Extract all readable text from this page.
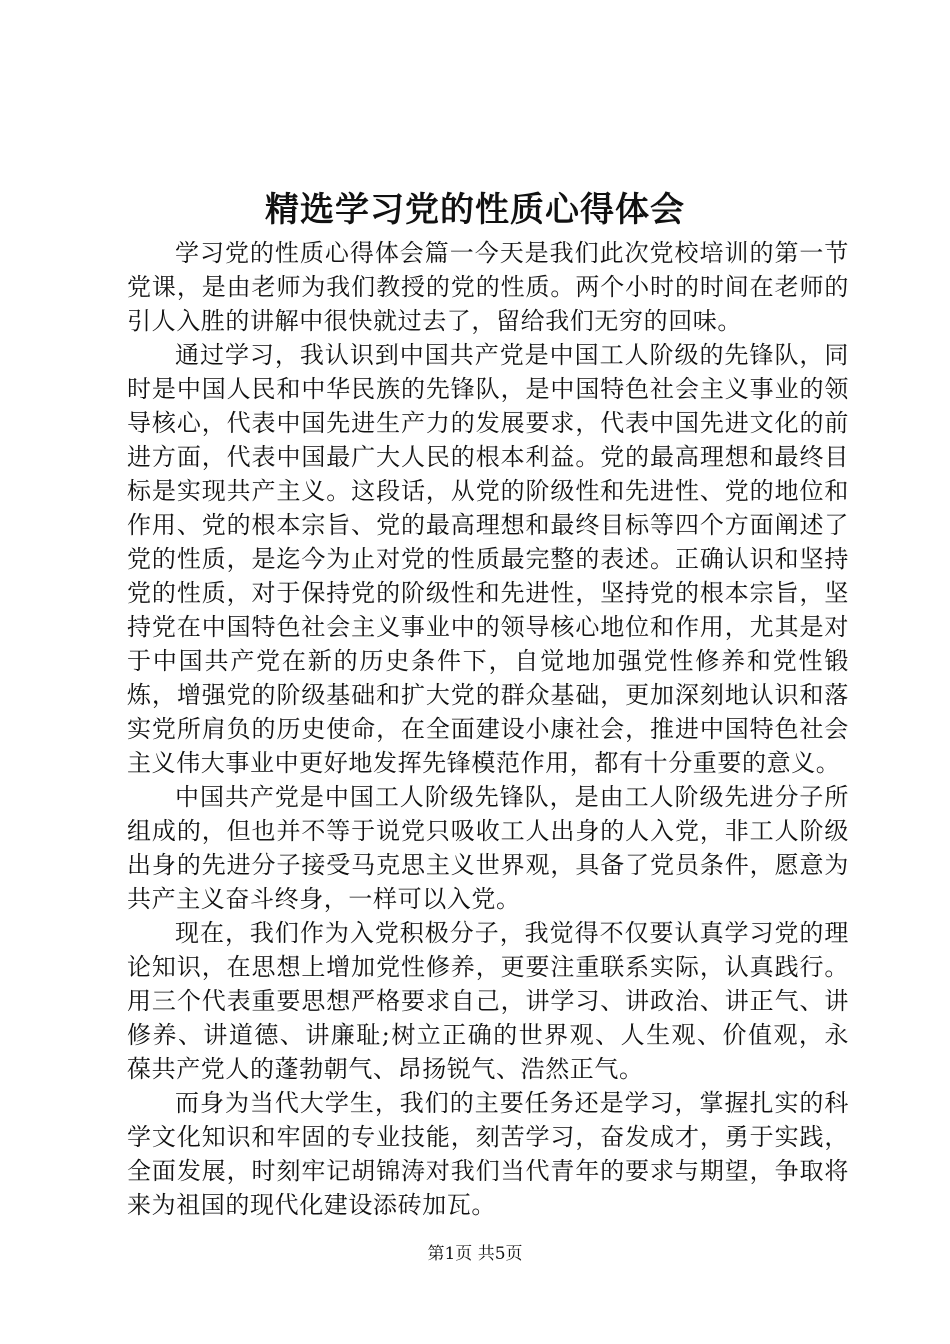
精选学习党的性质心得体会

学习党的性质心得体会篇一今天是我们此次党校培训的第一节党课，是由老师为我们教授的党的性质。两个小时的时间在老师的引人入胜的讲解中很快就过去了，留给我们无穷的回味。

通过学习，我认识到中国共产党是中国工人阶级的先锋队，同时是中国人民和中华民族的先锋队，是中国特色社会主义事业的领导核心，代表中国先进生产力的发展要求，代表中国先进文化的前进方面，代表中国最广大人民的根本利益。党的最高理想和最终目标是实现共产主义。这段话，从党的阶级性和先进性、党的地位和作用、党的根本宗旨、党的最高理想和最终目标等四个方面阐述了党的性质，是迄今为止对党的性质最完整的表述。正确认识和坚持党的性质，对于保持党的阶级性和先进性，坚持党的根本宗旨，坚持党在中国特色社会主义事业中的领导核心地位和作用，尤其是对于中国共产党在新的历史条件下，自觉地加强党性修养和党性锻炼，增强党的阶级基础和扩大党的群众基础，更加深刻地认识和落实党所肩负的历史使命，在全面建设小康社会，推进中国特色社会主义伟大事业中更好地发挥先锋模范作用，都有十分重要的意义。

中国共产党是中国工人阶级先锋队，是由工人阶级先进分子所组成的，但也并不等于说党只吸收工人出身的人入党，非工人阶级出身的先进分子接受马克思主义世界观，具备了党员条件，愿意为共产主义奋斗终身，一样可以入党。

现在，我们作为入党积极分子，我觉得不仅要认真学习党的理论知识，在思想上增加党性修养，更要注重联系实际，认真践行。用三个代表重要思想严格要求自己，讲学习、讲政治、讲正气、讲修养、讲道德、讲廉耻;树立正确的世界观、人生观、价值观，永葆共产党人的蓬勃朝气、昂扬锐气、浩然正气。

而身为当代大学生，我们的主要任务还是学习，掌握扎实的科学文化知识和牢固的专业技能，刻苦学习，奋发成才，勇于实践，全面发展，时刻牢记胡锦涛对我们当代青年的要求与期望，争取将来为祖国的现代化建设添砖加瓦。

第1页 共5页
